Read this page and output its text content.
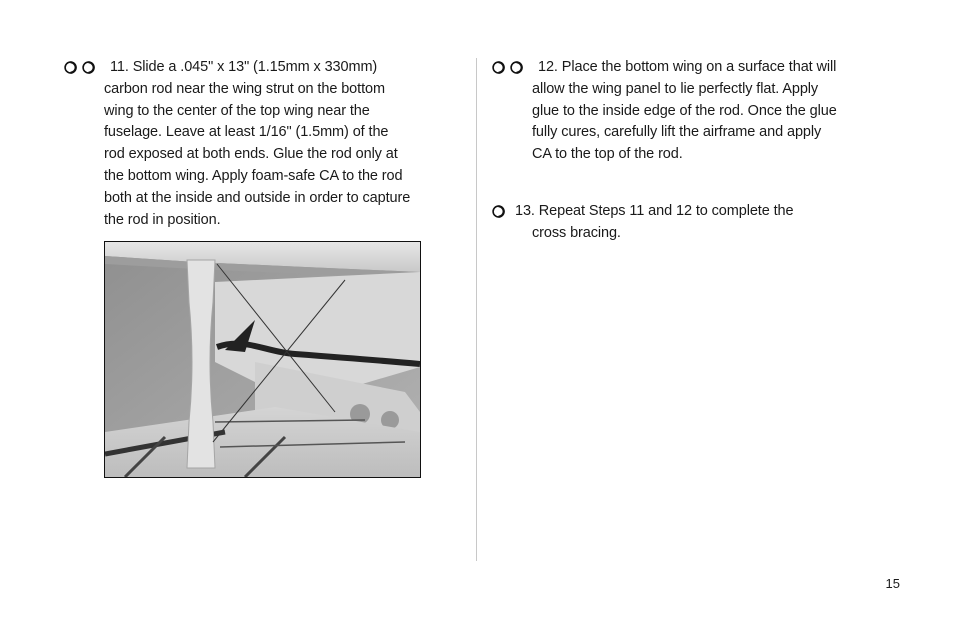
11. Slide a .045" x 13" (1.15mm x 330mm)
carbon rod near the wing strut on the bottom
wing to the center of the top wing near the
fuselage. Leave at least 1/16" (1.5mm) of the
rod exposed at both ends. Glue the rod only at
the bottom wing. Apply foam-safe CA to the rod
both at the inside and outside in order to capture
the rod in position.
12. Place the bottom wing on a surface that will
allow the wing panel to lie perfectly flat. Apply
glue to the inside edge of the rod. Once the glue
fully cures, carefully lift the airframe and apply
CA to the top of the rod.
13. Repeat Steps 11 and 12 to complete the
cross bracing.
15
